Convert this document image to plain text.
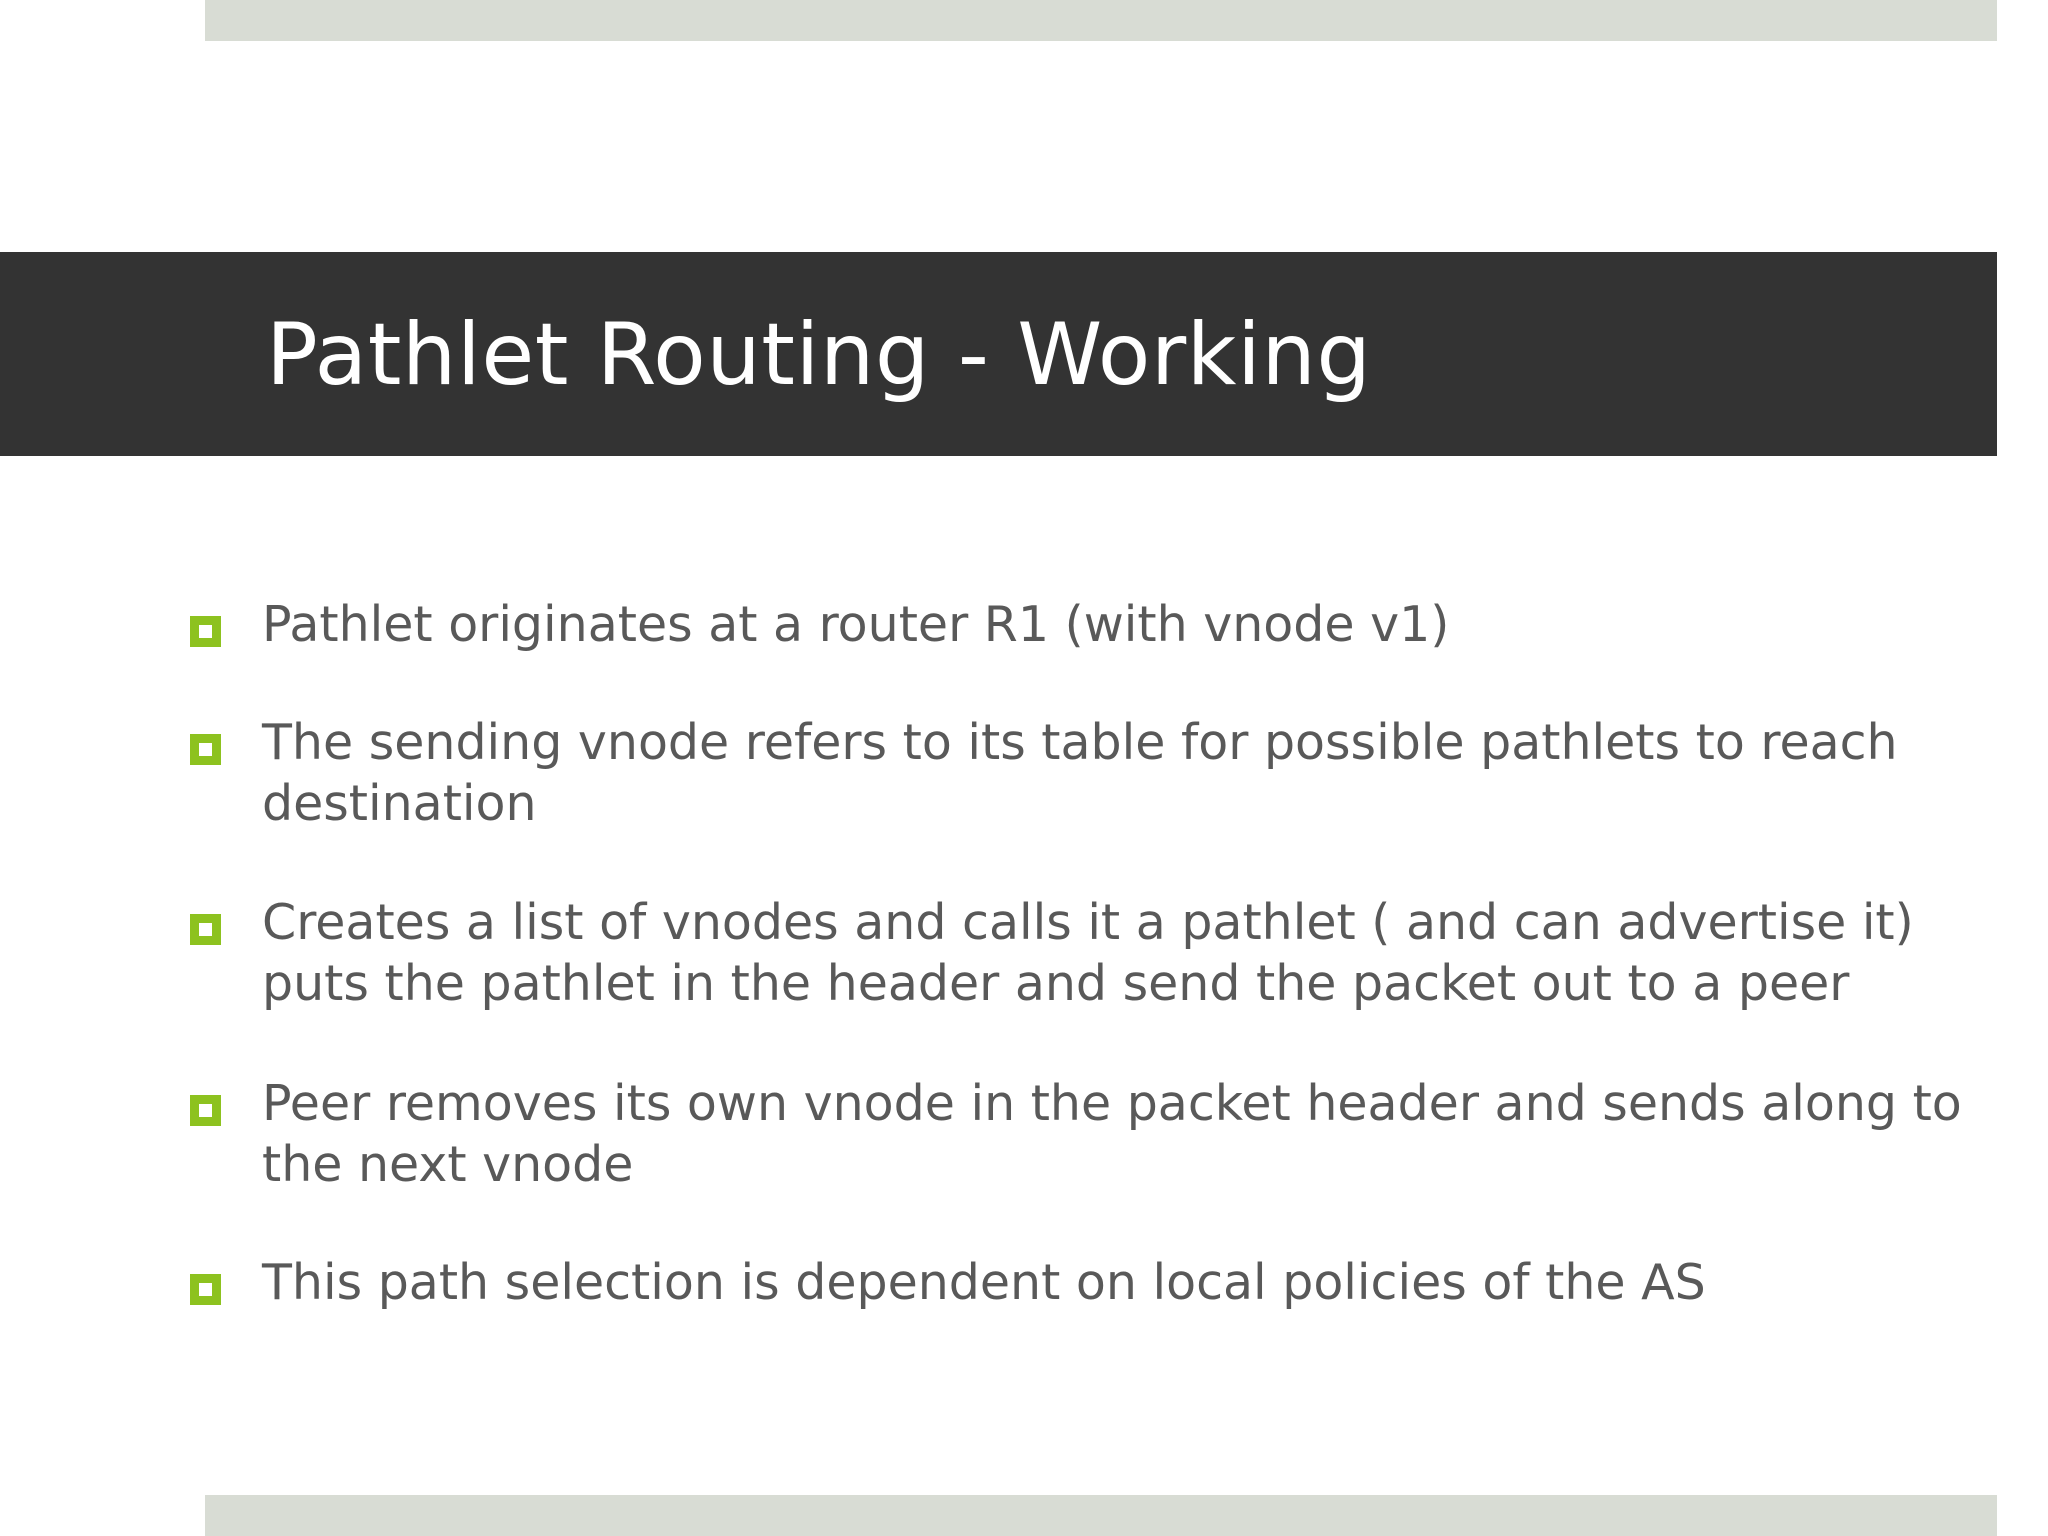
Pathlet Routing - Working
Pathlet originates at a router R1 (with vnode v1)
The sending vnode refers to its table for possible pathlets to reach destination
Creates a list of vnodes and calls it a pathlet ( and can advertise it) puts the pathlet in the header and send the packet out to a peer
Peer removes its own vnode in the packet header and sends along to the next vnode
This path selection is dependent on local policies of the AS
